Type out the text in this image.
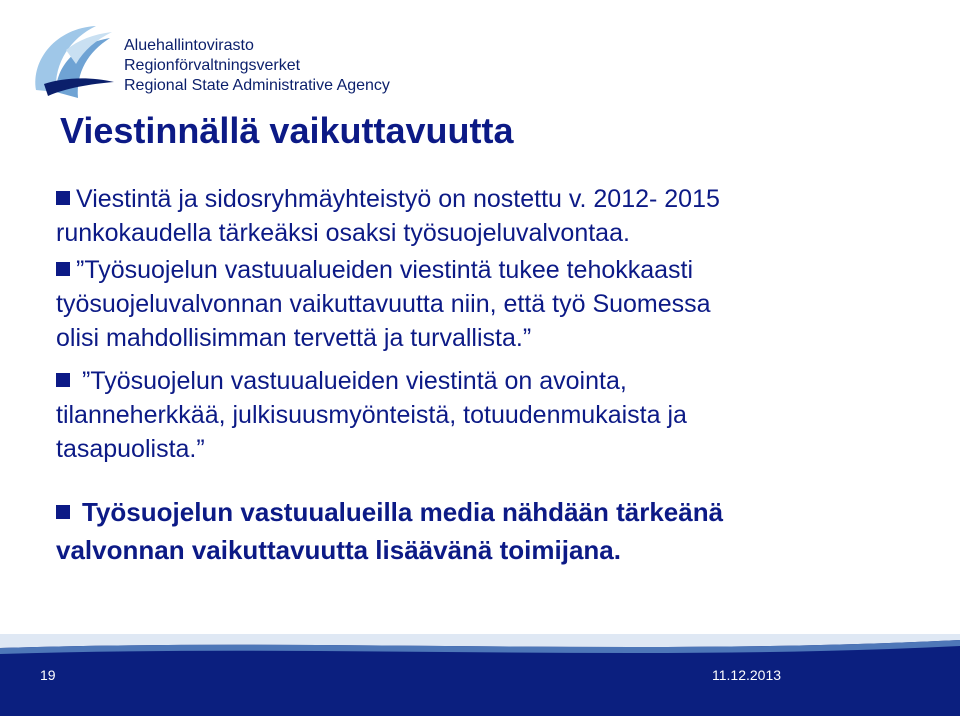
Aluehallintovirasto
Regionförvaltningsverket
Regional State Administrative Agency
Viestinnällä vaikuttavuutta

Viestintä ja sidosryhmäyhteistyö on nostettu v. 2012- 2015
runkokaudella tärkeäksi osaksi työsuojeluvalvontaa.

”Työsuojelun vastuualueiden viestintä tukee tehokkaasti
työsuojeluvalvonnan vaikuttavuutta niin, että työ Suomessa
olisi mahdollisimman tervettä ja turvallista.”

”Työsuojelun vastuualueiden viestintä on avointa,
tilanneherkkää, julkisuusmyönteistä, totuudenmukaista ja
tasapuolista.”

Työsuojelun vastuualueilla media nähdään tärkeänä
valvonnan vaikuttavuutta lisäävänä toimijana.

19	11.12.2013
